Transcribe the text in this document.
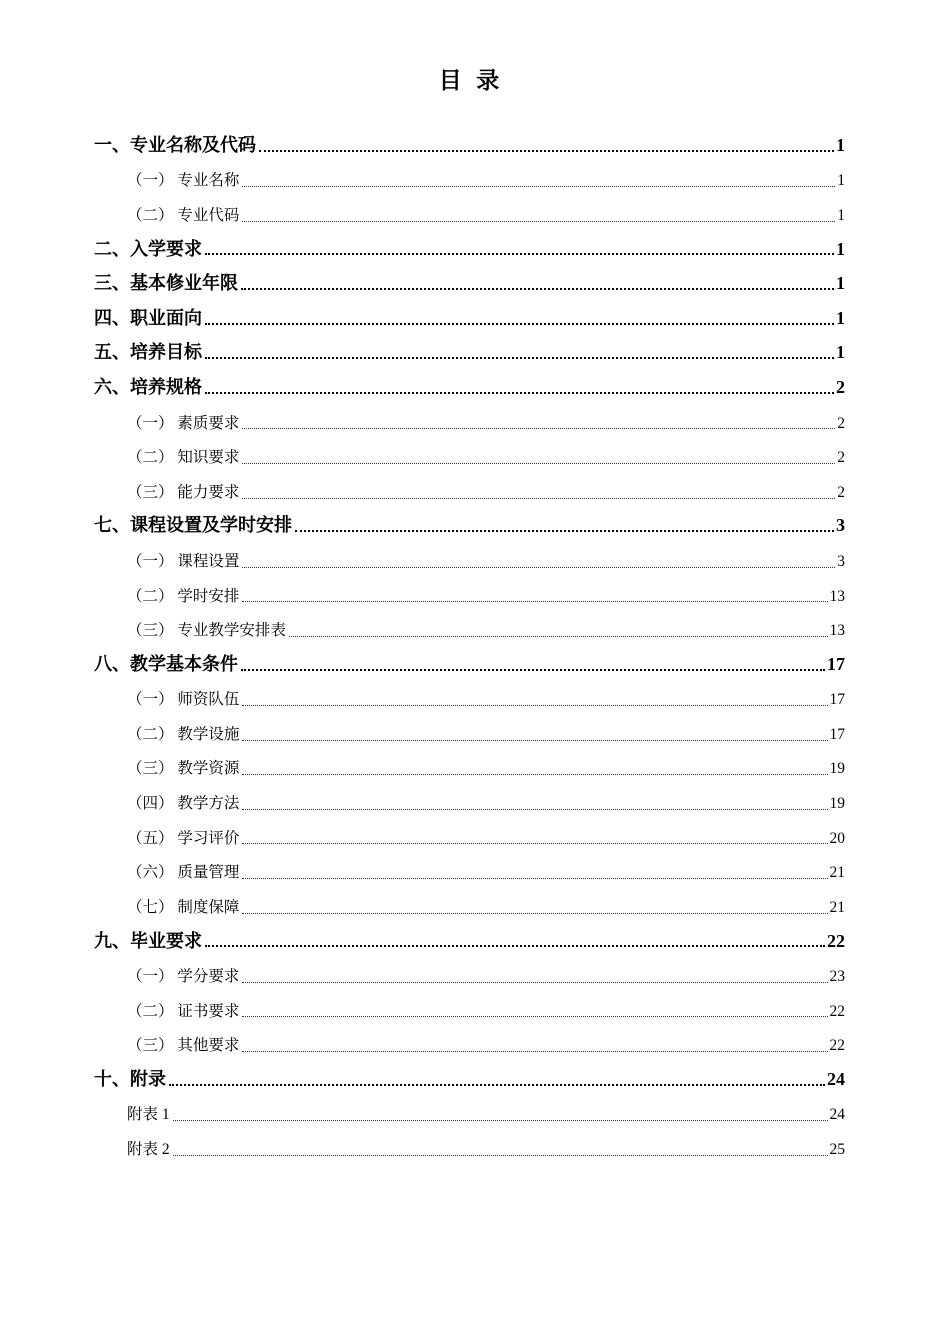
目  录
一、专业名称及代码	1
（一） 专业名称	1
（二） 专业代码	1
二、入学要求	1
三、基本修业年限	1
四、职业面向	1
五、培养目标	1
六、培养规格	2
（一） 素质要求	2
（二） 知识要求	2
（三） 能力要求	2
七、课程设置及学时安排	3
（一） 课程设置	3
（二） 学时安排	13
（三） 专业教学安排表	13
八、教学基本条件	17
（一） 师资队伍	17
（二） 教学设施	17
（三） 教学资源	19
（四） 教学方法	19
（五） 学习评价	20
（六） 质量管理	21
（七） 制度保障	21
九、毕业要求	22
（一） 学分要求	23
（二） 证书要求	22
（三） 其他要求	22
十、附录	24
附表 1	24
附表 2	25
